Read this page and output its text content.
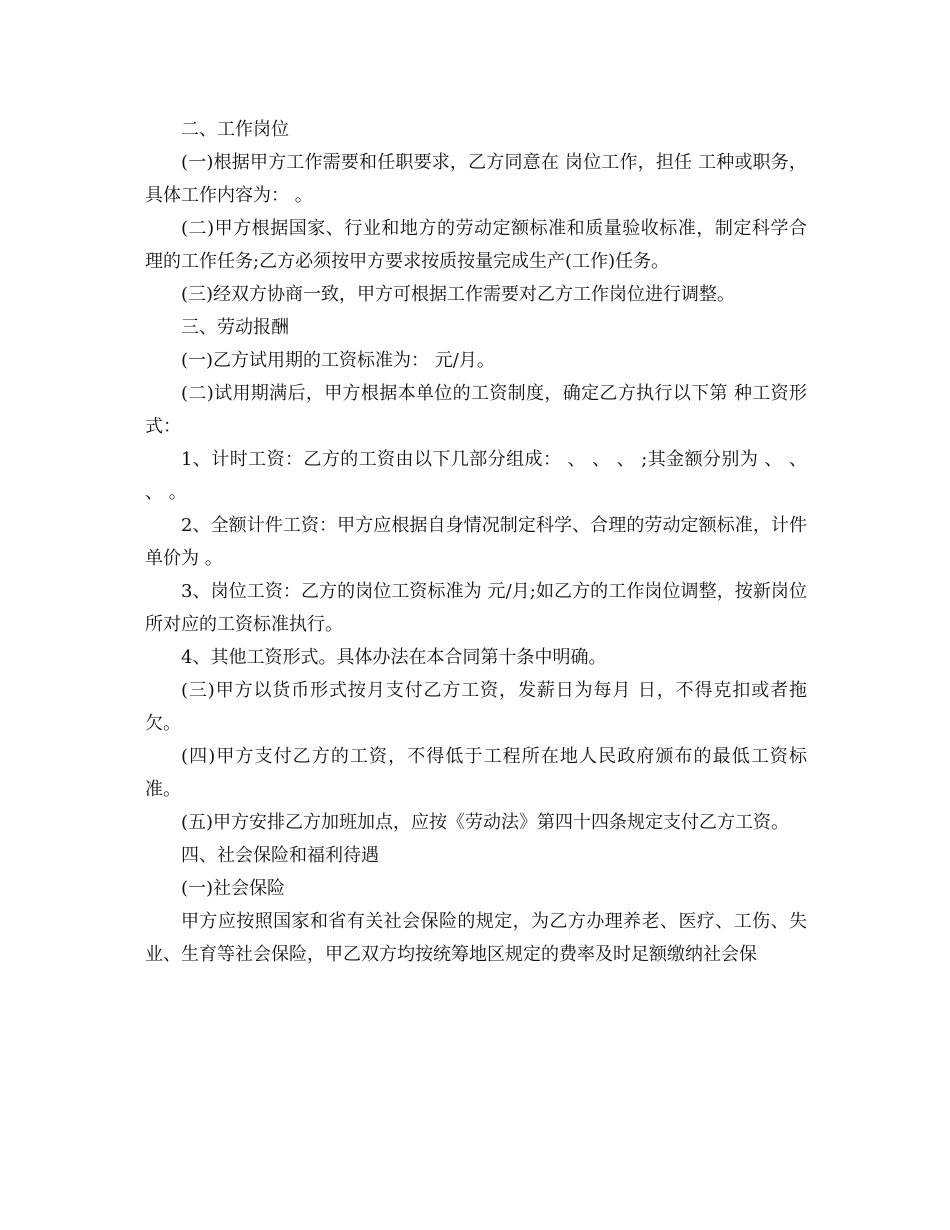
二、工作岗位

(一)根据甲方工作需要和任职要求，乙方同意在 岗位工作，担任 工种或职务，具体工作内容为： 。

(二)甲方根据国家、行业和地方的劳动定额标准和质量验收标准，制定科学合理的工作任务;乙方必须按甲方要求按质按量完成生产(工作)任务。

(三)经双方协商一致，甲方可根据工作需要对乙方工作岗位进行调整。

三、劳动报酬

(一)乙方试用期的工资标准为： 元/月。

(二)试用期满后，甲方根据本单位的工资制度，确定乙方执行以下第 种工资形式：

1、计时工资：乙方的工资由以下几部分组成： 、 、 、 ;其金额分别为 、 、 、 。

2、全额计件工资：甲方应根据自身情况制定科学、合理的劳动定额标准，计件单价为 。

3、岗位工资：乙方的岗位工资标准为 元/月;如乙方的工作岗位调整，按新岗位所对应的工资标准执行。

4、其他工资形式。具体办法在本合同第十条中明确。

(三)甲方以货币形式按月支付乙方工资，发薪日为每月 日，不得克扣或者拖欠。

(四)甲方支付乙方的工资，不得低于工程所在地人民政府颁布的最低工资标准。

(五)甲方安排乙方加班加点，应按《劳动法》第四十四条规定支付乙方工资。

四、社会保险和福利待遇

(一)社会保险

甲方应按照国家和省有关社会保险的规定，为乙方办理养老、医疗、工伤、失业、生育等社会保险，甲乙双方均按统筹地区规定的费率及时足额缴纳社会保
